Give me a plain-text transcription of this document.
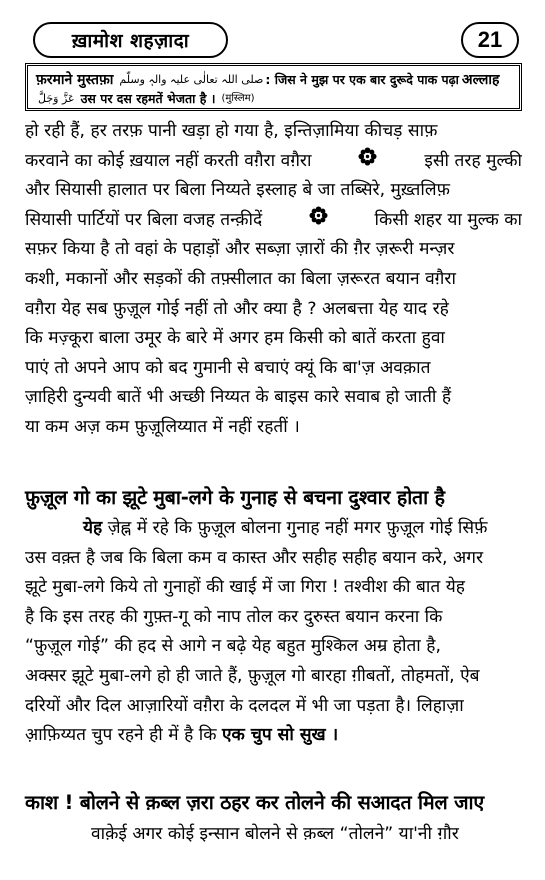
ख़ामोश शहज़ादा	21
फ़रमाने मुस्तफ़ा صلی اللہ تعالٰی علیہ والہٖ وسلّم : जिस ने मुझ पर एक बार दुरूदे पाक पढ़ा अल्लाह
عَزَّ وَجَلَّ उस पर दस रहमतें भेजता है । (मुस्लिम)
हो रही हैं, हर तरफ़ पानी खड़ा हो गया है, इन्तिज़ामिया कीचड़ साफ़
करवाने का कोई ख़याल नहीं करती वग़ैरा वग़ैरा	इसी तरह मुल्की
और सियासी हालात पर बिला निय्यते इस्लाह बे जा तब्सिरे, मुख़्तलिफ़
सियासी पार्टियों पर बिला वजह तन्क़ीदें	किसी शहर या मुल्क का
सफ़र किया है तो वहां के पहाड़ों और सब्ज़ा ज़ारों की ग़ैर ज़रूरी मन्ज़र
कशी, मकानों और सड़कों की तफ़्सीलात का बिला ज़रूरत बयान वग़ैरा
वग़ैरा येह सब फ़ुज़ूल गोई नहीं तो और क्या है ? अलबत्ता येह याद रहे
कि मज़्कूरा बाला उमूर के बारे में अगर हम किसी को बातें करता हुवा
पाएं तो अपने आप को बद गुमानी से बचाएं क्यूं कि बा'ज़ अवक़ात
ज़ाहिरी दुन्यवी बातें भी अच्छी निय्यत के बाइस कारे सवाब हो जाती हैं
या कम अज़ कम फ़ुज़ूलिय्यात में नहीं रहतीं ।
फ़ुज़ूल गो का झूटे मुबा-लगे के गुनाह से बचना दुश्वार होता है
येह ज़ेह्न में रहे कि फ़ुज़ूल बोलना गुनाह नहीं मगर फ़ुज़ूल गोई सिर्फ़
उस वक़्त है जब कि बिला कम व कास्त और सहीह सहीह बयान करे, अगर
झूटे मुबा-लगे किये तो गुनाहों की खाई में जा गिरा ! तश्वीश की बात येह
है कि इस तरह की गुफ़्त-गू को नाप तोल कर दुरुस्त बयान करना कि
“फ़ुज़ूल गोई” की हद से आगे न बढ़े येह बहुत मुश्किल अम्र होता है,
अक्सर झूटे मुबा-लगे हो ही जाते हैं, फ़ुज़ूल गो बारहा ग़ीबतों, तोहमतों, ऐब
दरियों और दिल आज़ारियों वग़ैरा के दलदल में भी जा पड़ता है। लिहाज़ा
आ़फ़िय्यत चुप रहने ही में है कि एक चुप सो सुख ।
काश ! बोलने से क़ब्ल ज़रा ठहर कर तोलने की सआदत मिल जाए
वाक़ेई अगर कोई इन्सान बोलने से क़ब्ल “तोलने” या'नी ग़ौर
